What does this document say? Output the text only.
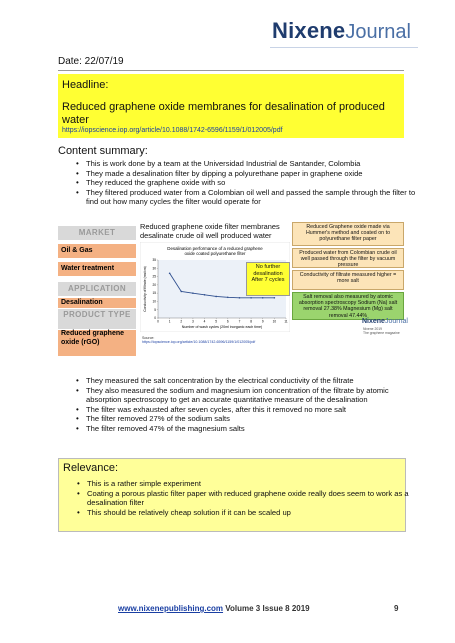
NixeneJournal
Date: 22/07/19
Headline:
Reduced graphene oxide membranes for desalination of produced water
https://iopscience.iop.org/article/10.1088/1742-6596/1159/1/012005/pdf
Content summary:
• This is work done by a team at the Universidad Industrial de Santander, Colombia
• They made a desalination filter by dipping a polyurethane paper in graphene oxide
• They reduced the graphene oxide with so
• They filtered produced water from a Colombian oil well and passed the sample through the filter to find out how many cycles the filter would operate for
MARKET
Oil & Gas
Water treatment
APPLICATION
Desalination
PRODUCT TYPE
Reduced graphene oxide (rGO)
Reduced graphene oxide filter membranes desalinate crude oil well produced water
Desalination performance of a reduced graphene oxide coated polyurethane filter
Number of wash cycles (20ml inorganic each time)
Conductivity of filtrate (ms/cm)
0
5
10
15
20
25
30
35
0	1	2	3	4	5	6	7	8	9	10	11
Source:
https://iopscience.iop.org/article/10.1088/1742-6596/1159/1/012005/pdf
No further desalination After 7 cycles
Reduced Graphene oxide made via Hummer's method and coated on to polyurethane filter paper
Produced water from Colombian crude oil well passed through the filter by vacuum pressure
Conductivity of filtrate measured higher = more salt
Salt removal also measured by atomic absorption spectroscopy Sodium (Na) salt removal 27.38% Magnesium (Mg) salt removal 47.44%
NixeneJournal
Nixene 2019
The graphene magazine
• They measured the salt concentration by the electrical conductivity of the filtrate
• They also measured the sodium and magnesium ion concentration of the filtrate by atomic absorption spectroscopy to get an accurate quantitative measure of the desalination
• The filter was exhausted after seven cycles, after this it removed no more salt
• The filter removed 27% of the sodium salts
• The filter removed 47% of the magnesium salts
Relevance:
• This is a rather simple experiment
• Coating a porous plastic filter paper with reduced graphene oxide really does seem to work as a desalination filter
• This should be relatively cheap solution if it can be scaled up
www.nixenepublishing.com Volume 3 Issue 8 2019	9
